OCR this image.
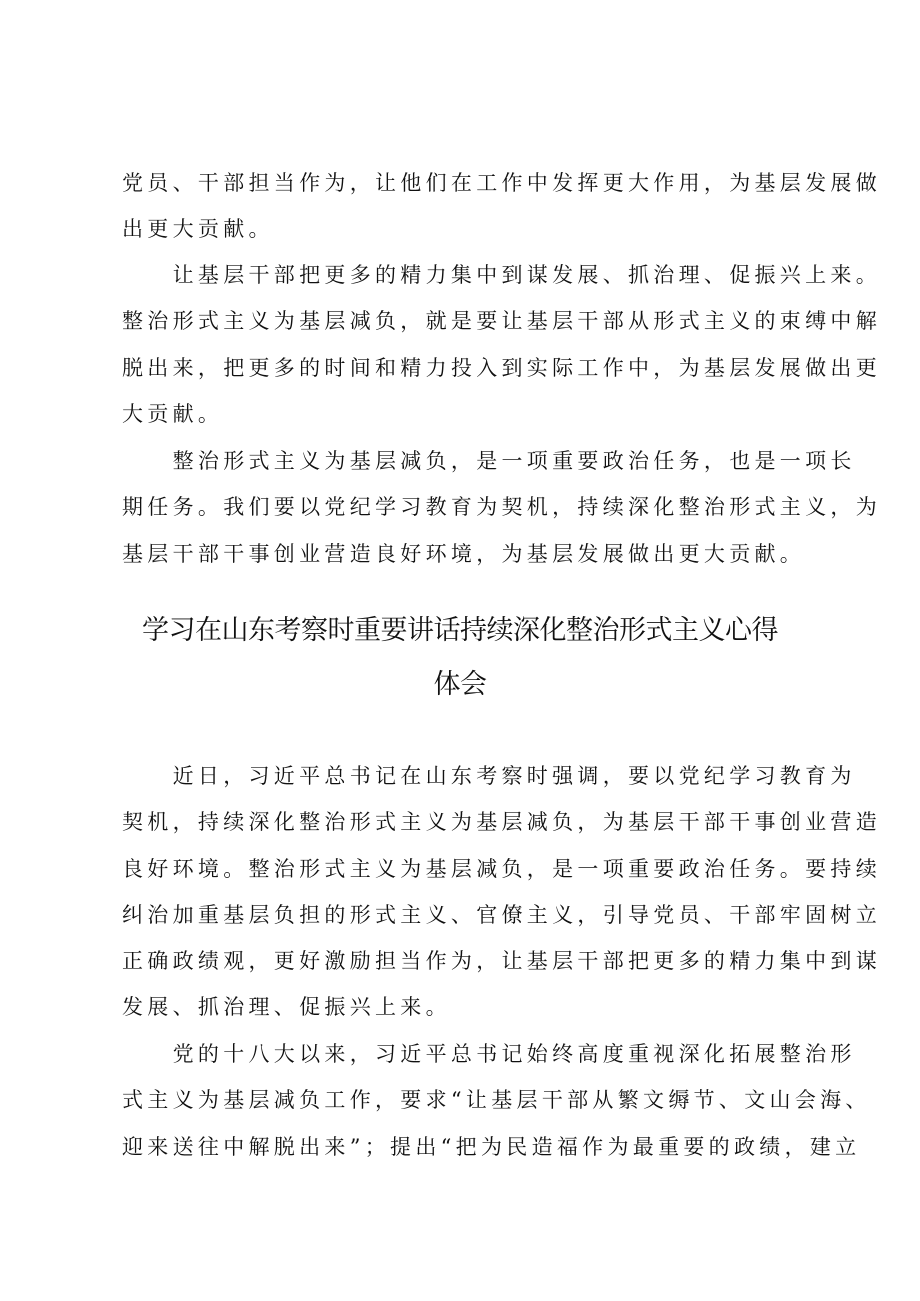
党员、干部担当作为，让他们在工作中发挥更大作用，为基层发展做
出更大贡献。
　　让基层干部把更多的精力集中到谋发展、抓治理、促振兴上来。
整治形式主义为基层减负，就是要让基层干部从形式主义的束缚中解
脱出来，把更多的时间和精力投入到实际工作中，为基层发展做出更
大贡献。
　　整治形式主义为基层减负，是一项重要政治任务，也是一项长
期任务。我们要以党纪学习教育为契机，持续深化整治形式主义，为
基层干部干事创业营造良好环境，为基层发展做出更大贡献。
学习在山东考察时重要讲话持续深化整治形式主义心得
体会
　　近日，习近平总书记在山东考察时强调，要以党纪学习教育为
契机，持续深化整治形式主义为基层减负，为基层干部干事创业营造
良好环境。整治形式主义为基层减负，是一项重要政治任务。要持续
纠治加重基层负担的形式主义、官僚主义，引导党员、干部牢固树立
正确政绩观，更好激励担当作为，让基层干部把更多的精力集中到谋
发展、抓治理、促振兴上来。
　　党的十八大以来，习近平总书记始终高度重视深化拓展整治形
式主义为基层减负工作，要求“让基层干部从繁文缛节、文山会海、
迎来送往中解脱出来”；提出“把为民造福作为最重要的政绩，建立
